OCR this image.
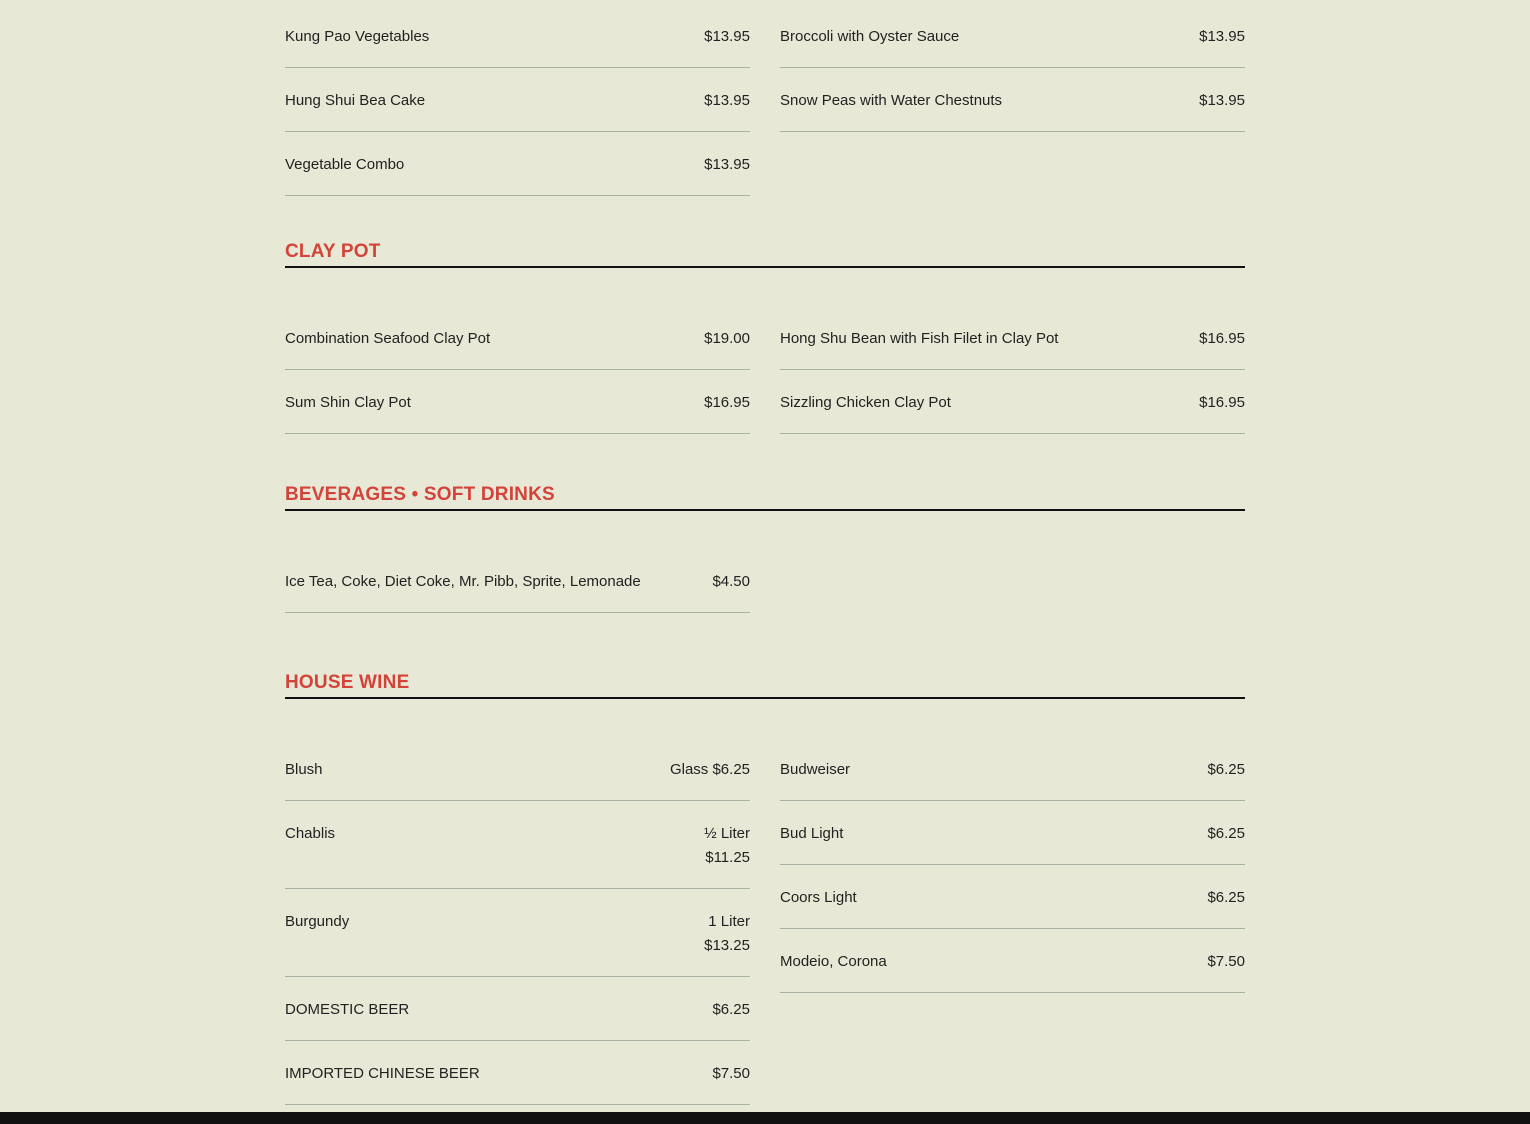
Kung Pao Vegetables	$13.95
Hung Shui Bea Cake	$13.95
Vegetable Combo	$13.95
Broccoli with Oyster Sauce	$13.95
Snow Peas with Water Chestnuts	$13.95
CLAY POT
Combination Seafood Clay Pot	$19.00
Sum Shin Clay Pot	$16.95
Hong Shu Bean with Fish Filet in Clay Pot	$16.95
Sizzling Chicken Clay Pot	$16.95
BEVERAGES • SOFT DRINKS
Ice Tea, Coke, Diet Coke, Mr. Pibb, Sprite, Lemonade	$4.50
HOUSE WINE
Blush	Glass $6.25
Chablis	½ Liter
$11.25
Burgundy	1 Liter
$13.25
DOMESTIC BEER	$6.25
IMPORTED CHINESE BEER	$7.50
Budweiser	$6.25
Bud Light	$6.25
Coors Light	$6.25
Modeio, Corona	$7.50
